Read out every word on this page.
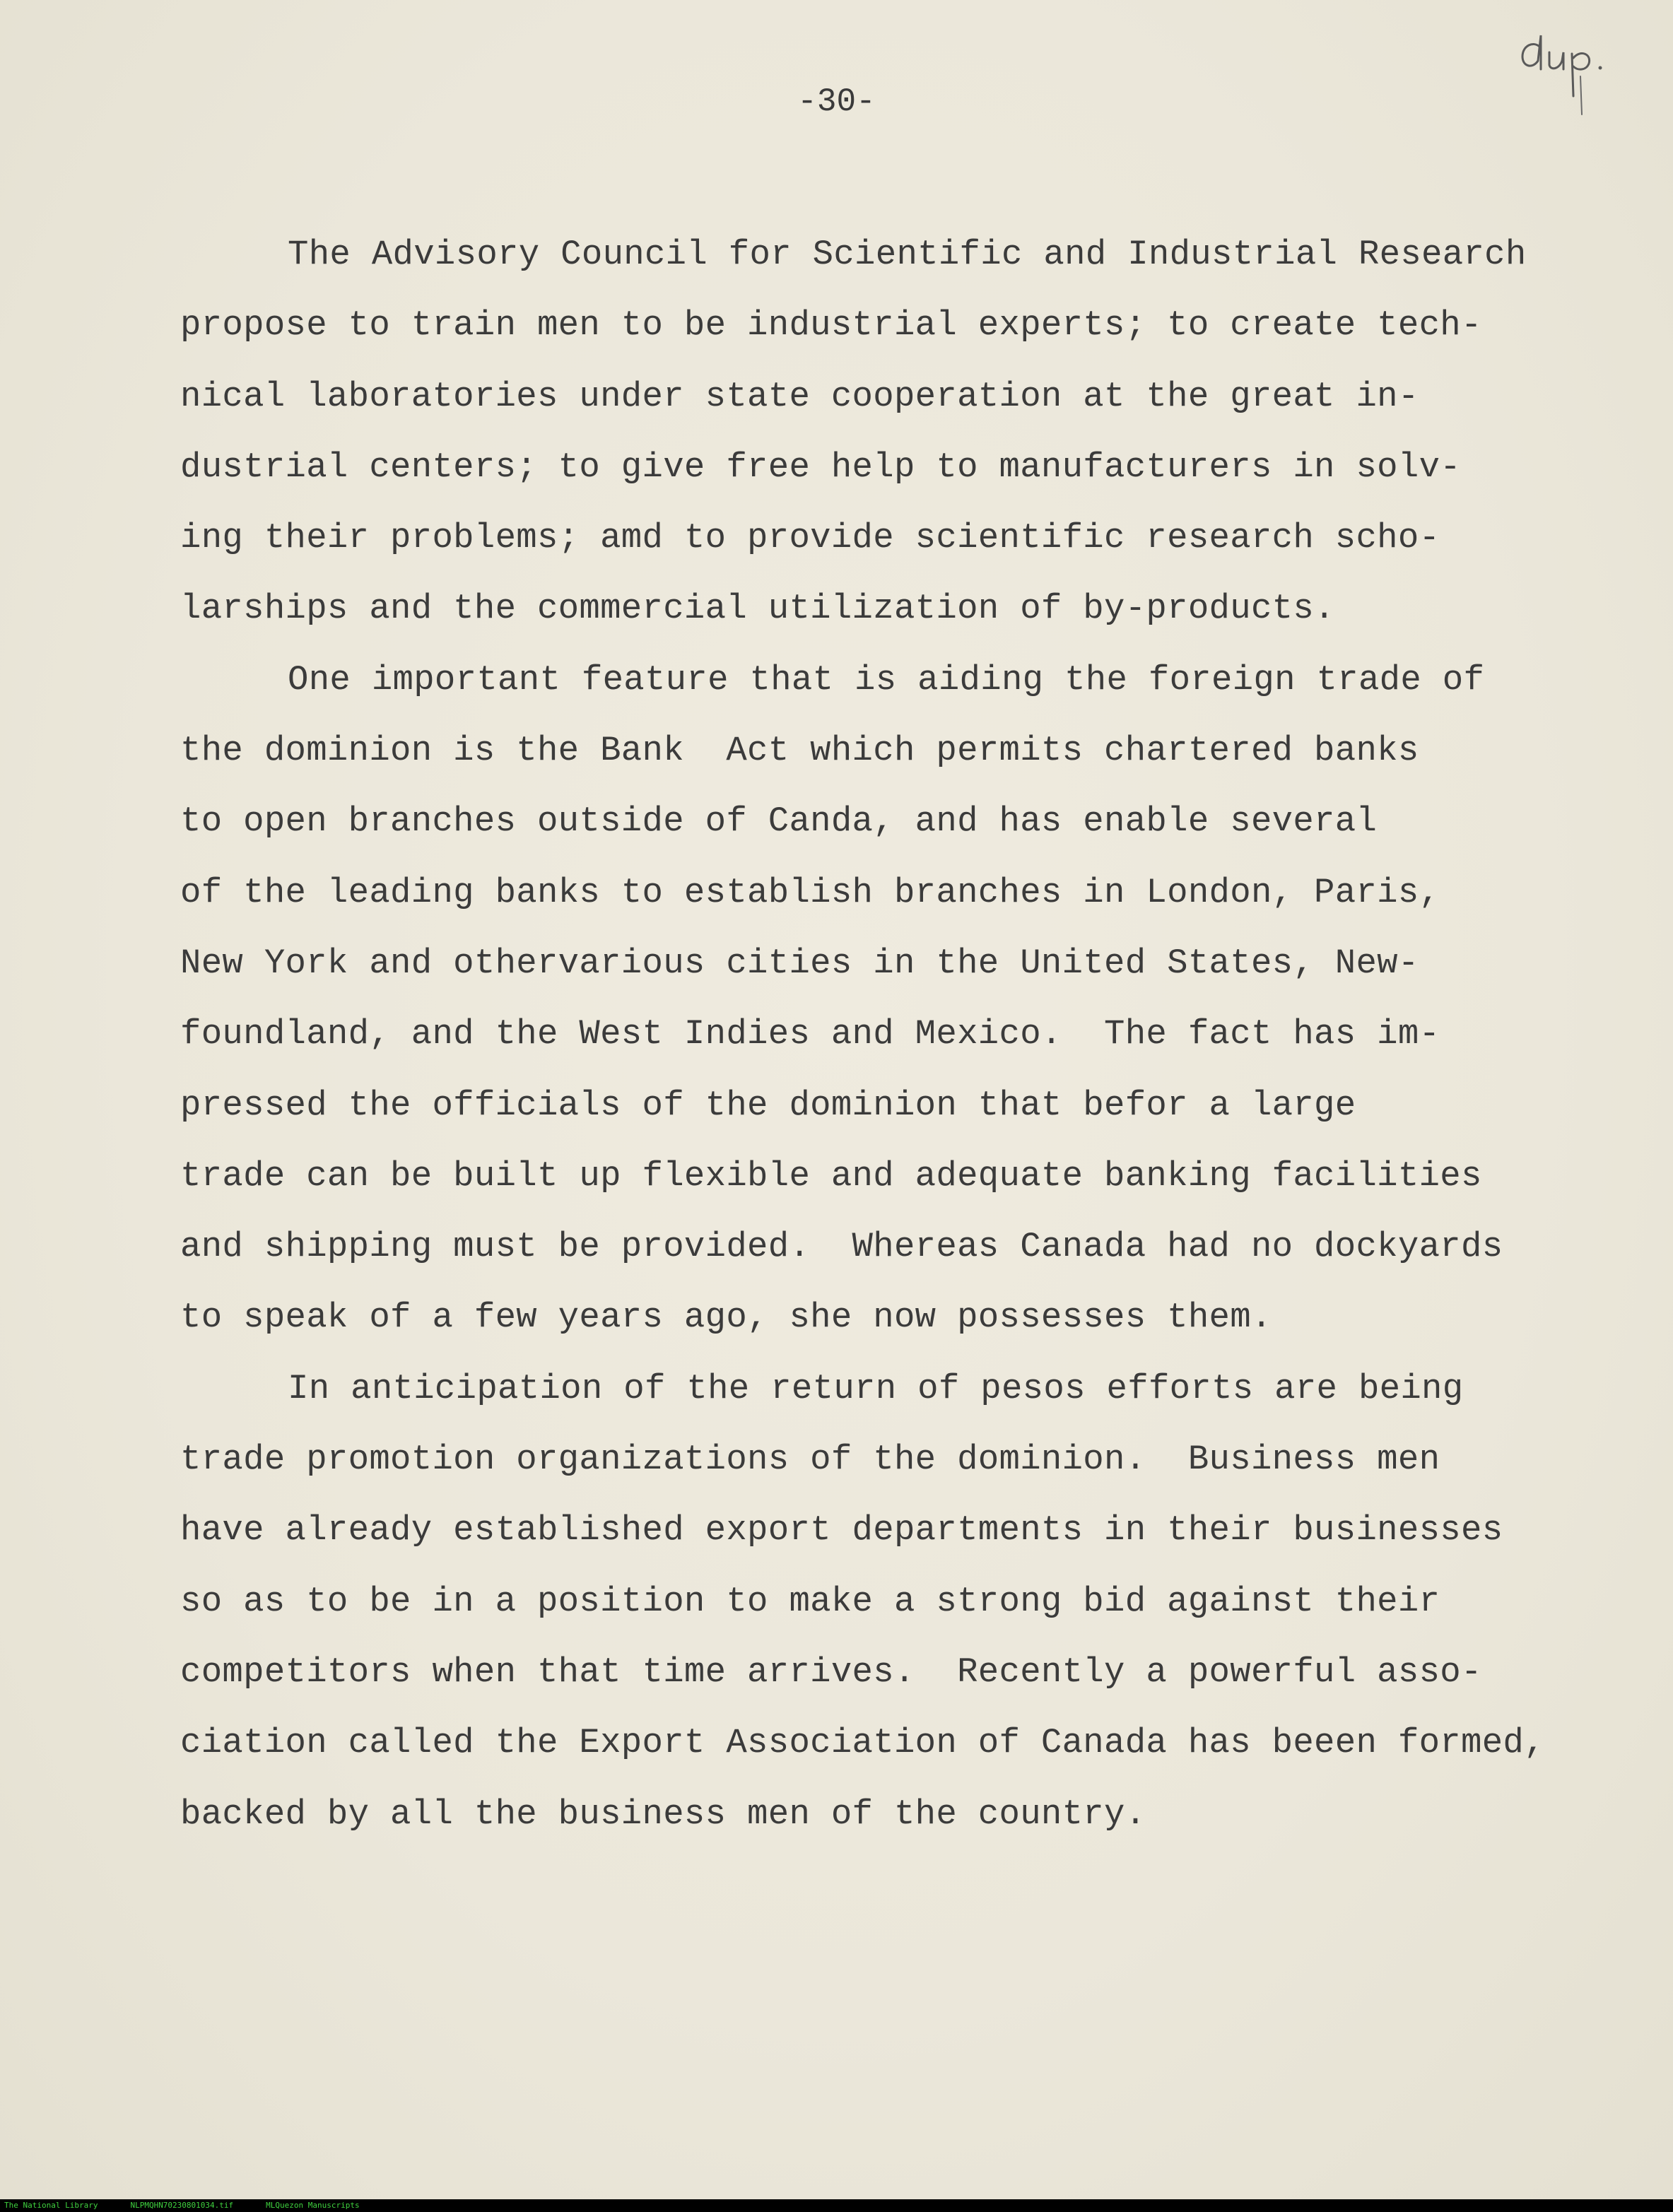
-30-
The Advisory Council for Scientific and Industrial Research
propose to train men to be industrial experts; to create tech-
nical laboratories under state cooperation at the great in-
dustrial centers; to give free help to manufacturers in solv-
ing their problems; amd to provide scientific research scho-
larships and the commercial utilization of by-products.
One important feature that is aiding the foreign trade of
the dominion is the Bank  Act which permits chartered banks
to open branches outside of Canda, and has enable several
of the leading banks to establish branches in London, Paris,
New York and othervarious cities in the United States, New-
foundland, and the West Indies and Mexico.  The fact has im-
pressed the officials of the dominion that befor a large
trade can be built up flexible and adequate banking facilities
and shipping must be provided.  Whereas Canada had no dockyards
to speak of a few years ago, she now possesses them.
In anticipation of the return of pesos efforts are being
trade promotion organizations of the dominion.  Business men
have already established export departments in their businesses
so as to be in a position to make a strong bid against their
competitors when that time arrives.  Recently a powerful asso-
ciation called the Export Association of Canada has beeen formed,
backed by all the business men of the country.
The National Library	NLPMQHN70230801034.tif	MLQuezon Manuscripts
